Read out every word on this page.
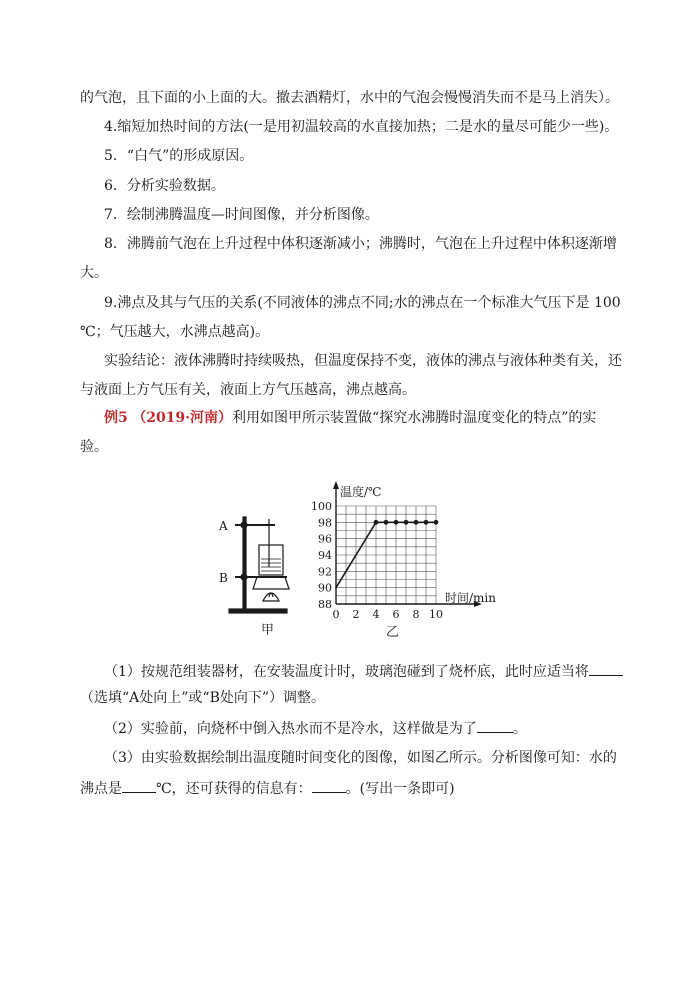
的气泡，且下面的小上面的大。撤去酒精灯，水中的气泡会慢慢消失而不是马上消失）。
4.缩短加热时间的方法(一是用初温较高的水直接加热；二是水的量尽可能少一些)。
5．“白气”的形成原因。
6．分析实验数据。
7．绘制沸腾温度—时间图像，并分析图像。
8．沸腾前气泡在上升过程中体积逐渐减小；沸腾时，气泡在上升过程中体积逐渐增
大。
9.沸点及其与气压的关系(不同液体的沸点不同;水的沸点在一个标准大气压下是 100
℃；气压越大，水沸点越高)。
实验结论：液体沸腾时持续吸热，但温度保持不变，液体的沸点与液体种类有关，还
与液面上方气压有关，液面上方气压越高，沸点越高。
例5 （2019·河南）利用如图甲所示装置做“探究水沸腾时温度变化的特点”的实
验。
A
B
甲
88
90
92
94
96
98
100
0 2 4 6 8 10
温度/℃
时间/min
乙
（1）按规范组装器材，在安装温度计时，玻璃泡碰到了烧杯底，此时应适当将
（选填“A处向上”或“B处向下”）调整。
（2）实验前，向烧杯中倒入热水而不是冷水，这样做是为了	。
（3）由实验数据绘制出温度随时间变化的图像，如图乙所示。分析图像可知：水的
沸点是 ℃，还可获得的信息有： 。(写出一条即可)
